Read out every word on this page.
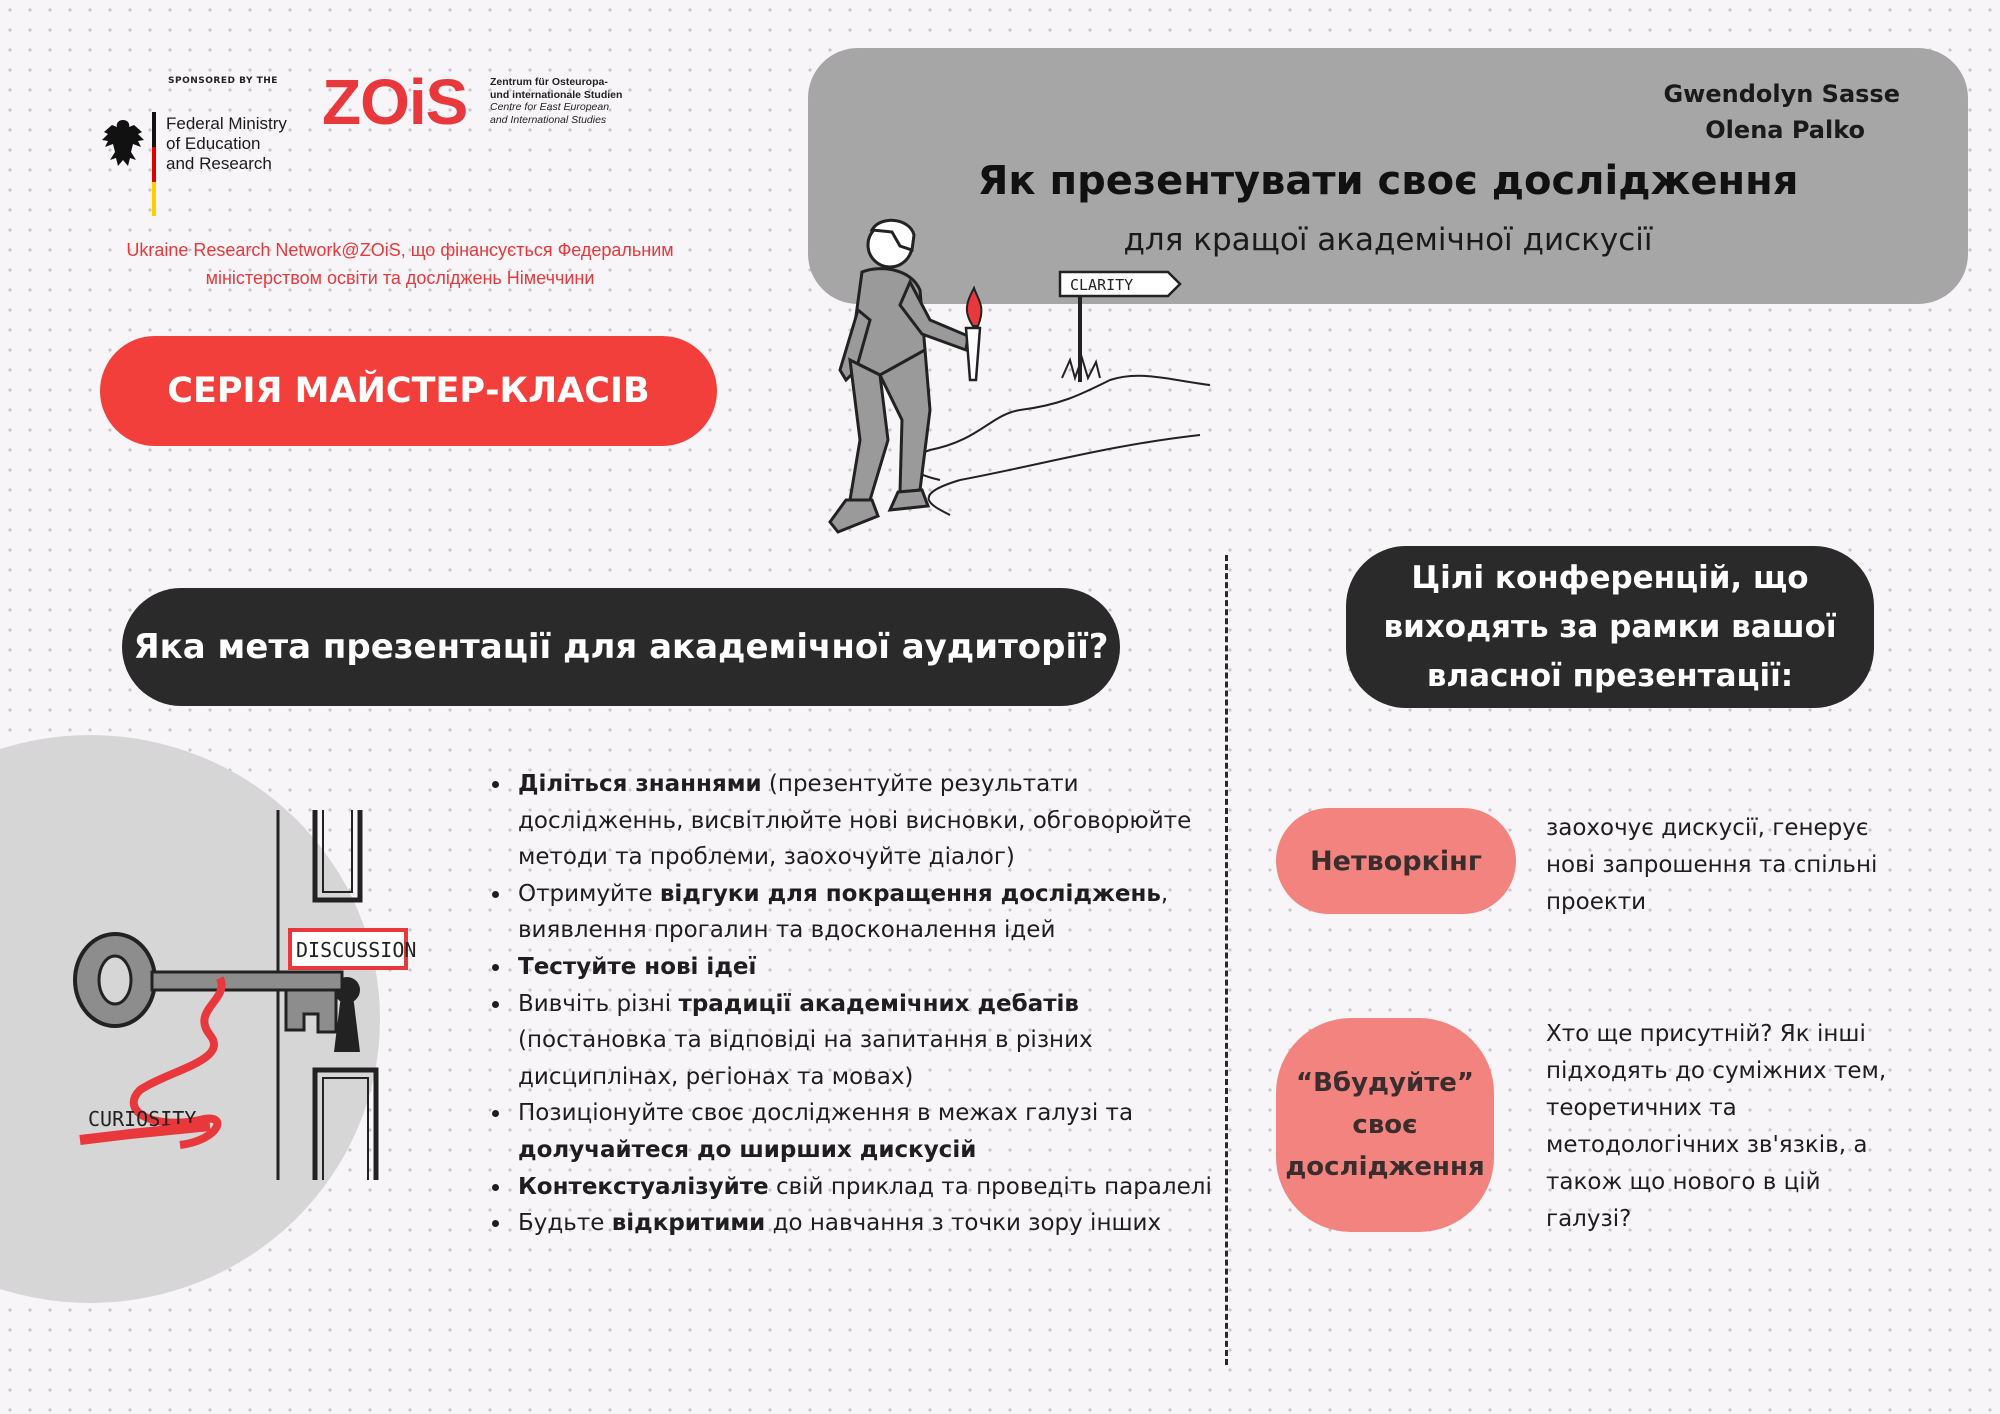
SPONSORED BY THE
Federal Ministry
of Education
and Research
ZOiS Zentrum für Osteuropa-
und internationale Studien
Centre for East European
and International Studies
Ukraine Research Network@ZOiS, що фінансується Федеральним
міністерством освіти та досліджень Німеччини
СЕРІЯ МАЙСТЕР-КЛАСІВ
Gwendolyn Sasse
Olena Palko
Як презентувати своє дослідження
для кращої академічної дискусії
CLARITY
Яка мета презентації для академічної аудиторії?
DISCUSSION
CURIOSITY
• Діліться знаннями (презентуйте результати дослідженнь, висвітлюйте нові висновки, обговорюйте методи та проблеми, заохочуйте діалог)
• Отримуйте відгуки для покращення досліджень, виявлення прогалин та вдосконалення ідей
• Тестуйте нові ідеї
• Вивчіть різні традиції академічних дебатів (постановка та відповіді на запитання в різних дисциплінах, регіонах та мовах)
• Позиціонуйте своє дослідження в межах галузі та долучайтеся до ширших дискусій
• Контекстуалізуйте свій приклад та проведіть паралелі
• Будьте відкритими до навчання з точки зору інших
Цілі конференцій, що виходять за рамки вашої власної презентації:
Нетворкінг
заохочує дискусії, генерує нові запрошення та спільні проекти
“Вбудуйте” своє дослідження
Хто ще присутній? Як інші підходять до суміжних тем, теоретичних та методологічних зв'язків, а також що нового в цій галузі?
